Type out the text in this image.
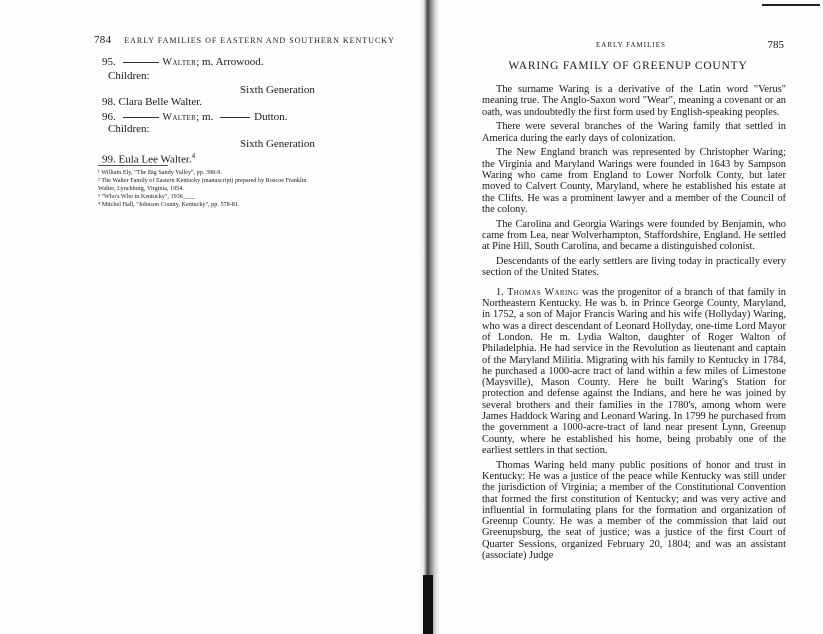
784 EARLY FAMILIES OF EASTERN AND SOUTHERN KENTUCKY
95.	Walter; m. Arrowood.
Children:
Sixth Generation
98. Clara Belle Walter.
96.	Walter; m.	Dutton.
Children:
Sixth Generation
99. Eula Lee Walter.$^4$
¹ William Ely, "The Big Sandy Valley", pp. 398-9.
² The Walter Family of Eastern Kentucky (manuscript) prepared by Roscoe Franklin
Walter, Lynchburg, Virginia, 1954.
³ "Who's Who in Kentucky", 1936____
⁴ Mitchel Hall, "Johnson County, Kentucky", pp. 578-81.
EARLY FAMILIES	785
WARING FAMILY OF GREENUP COUNTY

The surname Waring is a derivative of the Latin word "Verus" meaning true. The Anglo-Saxon word "Wear", meaning a covenant or an oath, was undoubtedly the first form used by English-speaking peoples.

There were several branches of the Waring family that settled in America during the early days of colonization.

The New England branch was represented by Christopher Waring; the Virginia and Maryland Warings were founded in 1643 by Sampson Waring who came from England to Lower Norfolk Conty, but later moved to Calvert County, Maryland, where he established his estate at the Clifts. He was a prominent lawyer and a member of the Council of the colony.

The Carolina and Georgia Warings were founded by Benjamin, who came from Lea, near Wolverhampton, Staffordshire, England. He settled at Pine Hill, South Carolina, and became a distinguished colonist.

Descendants of the early settlers are living today in practically every section of the United States.

1. Thomas Waring was the progenitor of a branch of that family in Northeastern Kentucky. He was b. in Prince George County, Maryland, in 1752, a son of Major Francis Waring and his wife (Hollyday) Waring, who was a direct descendant of Leonard Hollyday, one-time Lord Mayor of London. He m. Lydia Walton, daughter of Roger Walton of Philadelphia. He had service in the Revolution as lieutenant and captain of the Maryland Militia. Migrating with his family to Kentucky in 1784, he purchased a 1000-acre tract of land within a few miles of Limestone (Maysville), Mason County. Here he built Waring's Station for protection and defense against the Indians, and here he was joined by several brothers and their families in the 1780's, among whom were James Haddock Waring and Leonard Waring. In 1799 he purchased from the government a 1000-acre-tract of land near present Lynn, Greenup County, where he established his home, being probably one of the earliest settlers in that section.

Thomas Waring held many public positions of honor and trust in Kentucky: He was a justice of the peace while Kentucky was still under the jurisdiction of Virginia; a member of the Constitutional Convention that formed the first constitution of Kentucky; and was very active and influential in formulating plans for the formation and organization of Greenup County. He was a member of the commission that laid out Greenupsburg, the seat of justice; was a justice of the first Court of Quarter Sessions, organized February 20, 1804; and was an assistant (associate) Judge
